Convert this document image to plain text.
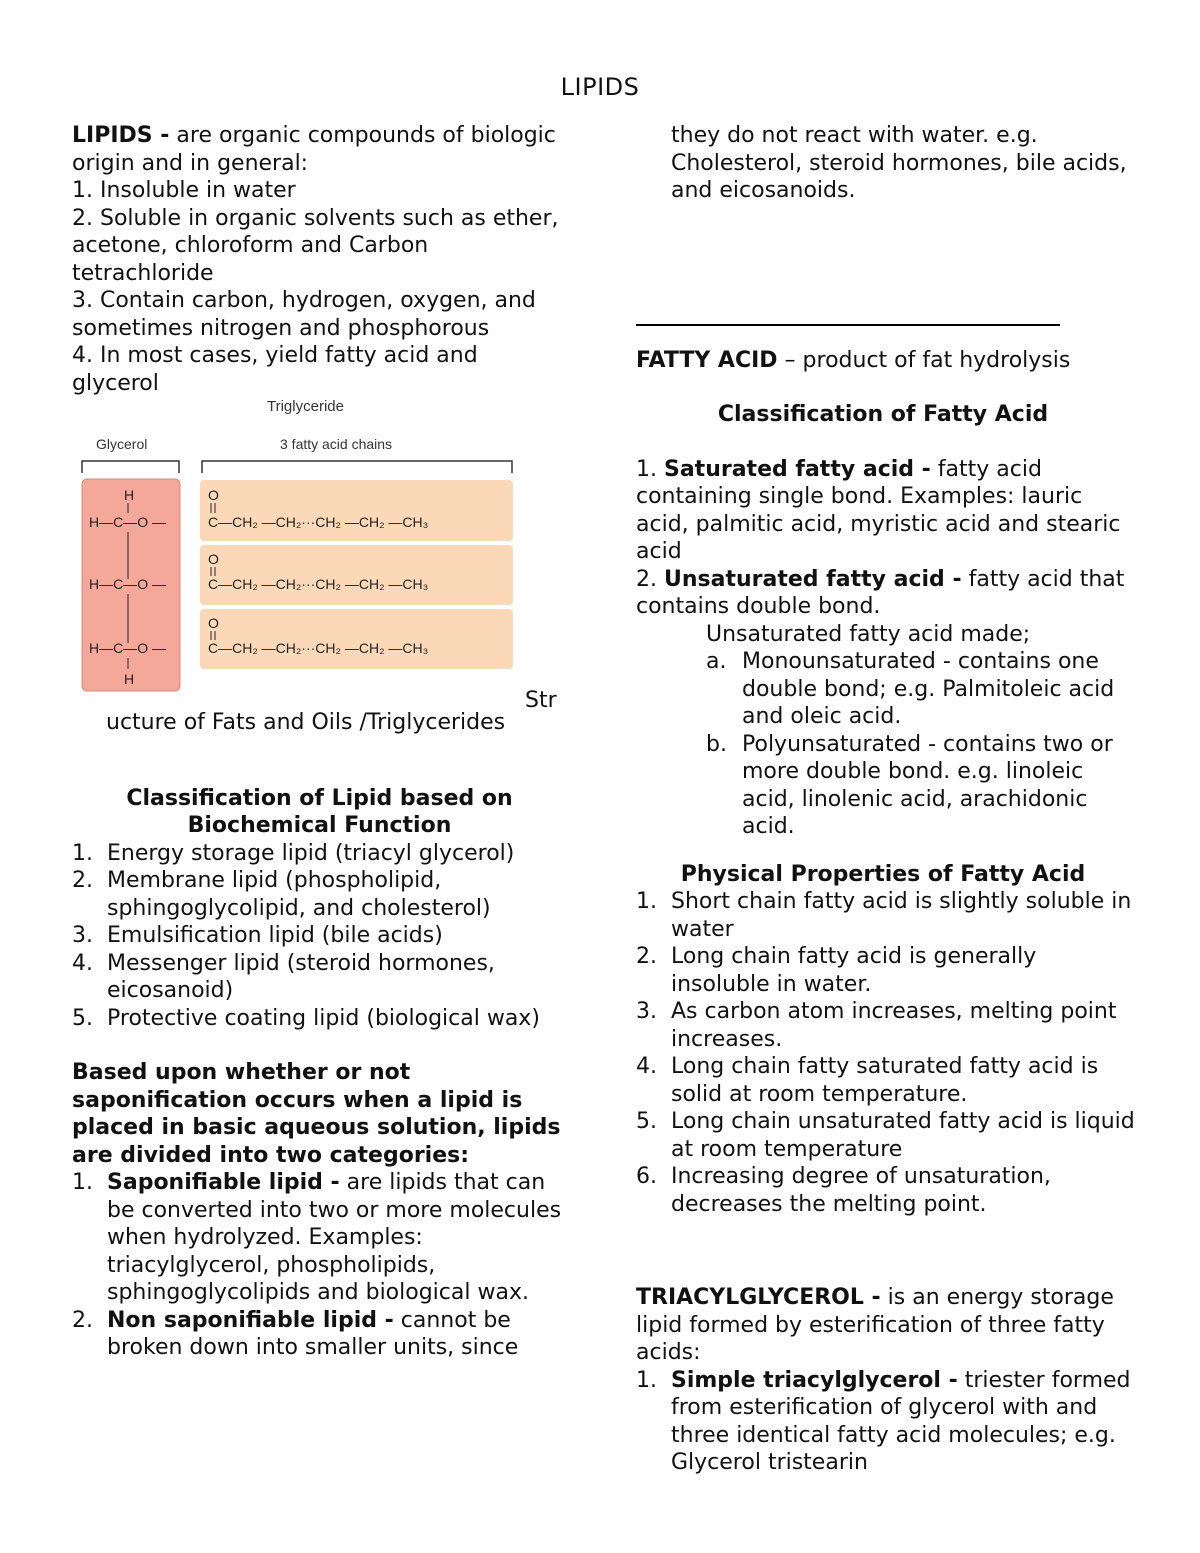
LIPIDS

LIPIDS - are organic compounds of biologic origin and in general:

1. Insoluble in water

2. Soluble in organic solvents such as ether, acetone, chloroform and Carbon tetrachloride

3. Contain carbon, hydrogen, oxygen, and sometimes nitrogen and phosphorous

4. In most cases, yield fatty acid and glycerol

Triglyceride
Glycerol	3 fatty acid chains
H
H—C—O —
O
C—CH₂ —CH₂···CH₂ —CH₂ —CH₃
H—C—O —
O
C—CH₂ —CH₂···CH₂ —CH₂ —CH₃
H—C—O —
O
C—CH₂ —CH₂···CH₂ —CH₂ —CH₃
H
Str

ucture of Fats and Oils /Triglycerides

Classification of Lipid based on Biochemical Function

1. Energy storage lipid (triacyl glycerol)
2. Membrane lipid (phospholipid, sphingoglycolipid, and cholesterol)
3. Emulsification lipid (bile acids)
4. Messenger lipid (steroid hormones, eicosanoid)
5. Protective coating lipid (biological wax)

Based upon whether or not saponification occurs when a lipid is placed in basic aqueous solution, lipids are divided into two categories:

1. Saponifiable lipid - are lipids that can be converted into two or more molecules when hydrolyzed. Examples: triacylglycerol, phospholipids, sphingoglycolipids and biological wax.
2. Non saponifiable lipid - cannot be broken down into smaller units, since

they do not react with water. e.g. Cholesterol, steroid hormones, bile acids, and eicosanoids.

FATTY ACID – product of fat hydrolysis

Classification of Fatty Acid

1. Saturated fatty acid - fatty acid containing single bond. Examples: lauric acid, palmitic acid, myristic acid and stearic acid

2. Unsaturated fatty acid - fatty acid that contains double bond.

Unsaturated fatty acid made;

a. Monounsaturated - contains one double bond; e.g. Palmitoleic acid and oleic acid.
b. Polyunsaturated - contains two or more double bond. e.g. linoleic acid, linolenic acid, arachidonic acid.

Physical Properties of Fatty Acid

1. Short chain fatty acid is slightly soluble in water
2. Long chain fatty acid is generally insoluble in water.
3. As carbon atom increases, melting point increases.
4. Long chain fatty saturated fatty acid is solid at room temperature.
5. Long chain unsaturated fatty acid is liquid at room temperature
6. Increasing degree of unsaturation, decreases the melting point.

TRIACYLGLYCEROL - is an energy storage lipid formed by esterification of three fatty acids:

1. Simple triacylglycerol - triester formed from esterification of glycerol with and three identical fatty acid molecules; e.g. Glycerol tristearin
